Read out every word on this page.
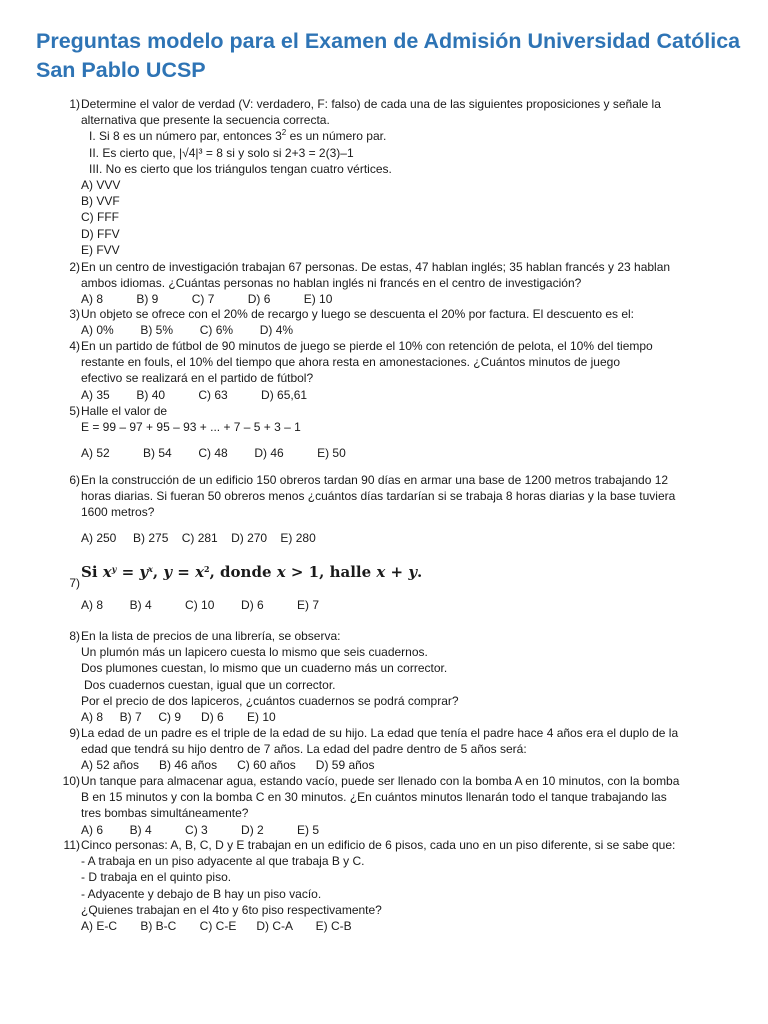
Preguntas modelo para el Examen de Admisión Universidad Católica San Pablo UCSP
1) Determine el valor de verdad (V: verdadero, F: falso) de cada una de las siguientes proposiciones y señale la
alternativa que presente la secuencia correcta.
I. Si 8 es un número par, entonces $3^2$ es un número par.
II. Es cierto que, |√4|³ = 8 si y solo si 2+3 = 2(3)–1
III. No es cierto que los triángulos tengan cuatro vértices.
A) VVV
B) VVF
C) FFF
D) FFV
E) FVV
2) En un centro de investigación trabajan 67 personas. De estas, 47 hablan inglés; 35 hablan francés y 23 hablan
ambos idiomas. ¿Cuántas personas no hablan inglés ni francés en el centro de investigación?
A) 8          B) 9          C) 7          D) 6          E) 10
3) Un objeto se ofrece con el 20% de recargo y luego se descuenta el 20% por factura. El descuento es el:
A) 0%        B) 5%        C) 6%        D) 4%
4) En un partido de fútbol de 90 minutos de juego se pierde el 10% con retención de pelota, el 10% del tiempo
restante en fouls, el 10% del tiempo que ahora resta en amonestaciones. ¿Cuántos minutos de juego
efectivo se realizará en el partido de fútbol?
A) 35        B) 40          C) 63          D) 65,61
5) Halle el valor de
E = 99 – 97 + 95 – 93 + ... + 7 – 5 + 3 – 1
A) 52          B) 54        C) 48        D) 46          E) 50
6) En la construcción de un edificio 150 obreros tardan 90 días en armar una base de 1200 metros trabajando 12
horas diarias. Si fueran 50 obreros menos ¿cuántos días tardarían si se trabaja 8 horas diarias y la base tuviera
1600 metros?
A) 250     B) 275    C) 281    D) 270    E) 280
7)
Si $x^y = y^x$, $y = x^2$, donde x > 1, halle x + y.
A) 8        B) 4          C) 10        D) 6          E) 7
8) En la lista de precios de una librería, se observa:
Un plumón más un lapicero cuesta lo mismo que seis cuadernos.
Dos plumones cuestan, lo mismo que un cuaderno más un corrector.
Dos cuadernos cuestan, igual que un corrector.
Por el precio de dos lapiceros, ¿cuántos cuadernos se podrá comprar?
A) 8     B) 7     C) 9      D) 6       E) 10
9) La edad de un padre es el triple de la edad de su hijo. La edad que tenía el padre hace 4 años era el duplo de la
edad que tendrá su hijo dentro de 7 años. La edad del padre dentro de 5 años será:
A) 52 años      B) 46 años      C) 60 años      D) 59 años
10) Un tanque para almacenar agua, estando vacío, puede ser llenado con la bomba A en 10 minutos, con la bomba
B en 15 minutos y con la bomba C en 30 minutos. ¿En cuántos minutos llenarán todo el tanque trabajando las
tres bombas simultáneamente?
A) 6        B) 4          C) 3          D) 2          E) 5
11) Cinco personas: A, B, C, D y E trabajan en un edificio de 6 pisos, cada uno en un piso diferente, si se sabe que:
- A trabaja en un piso adyacente al que trabaja B y C.
- D trabaja en el quinto piso.
- Adyacente y debajo de B hay un piso vacío.
¿Quienes trabajan en el 4to y 6to piso respectivamente?
A) E-C       B) B-C       C) C-E      D) C-A       E) C-B
